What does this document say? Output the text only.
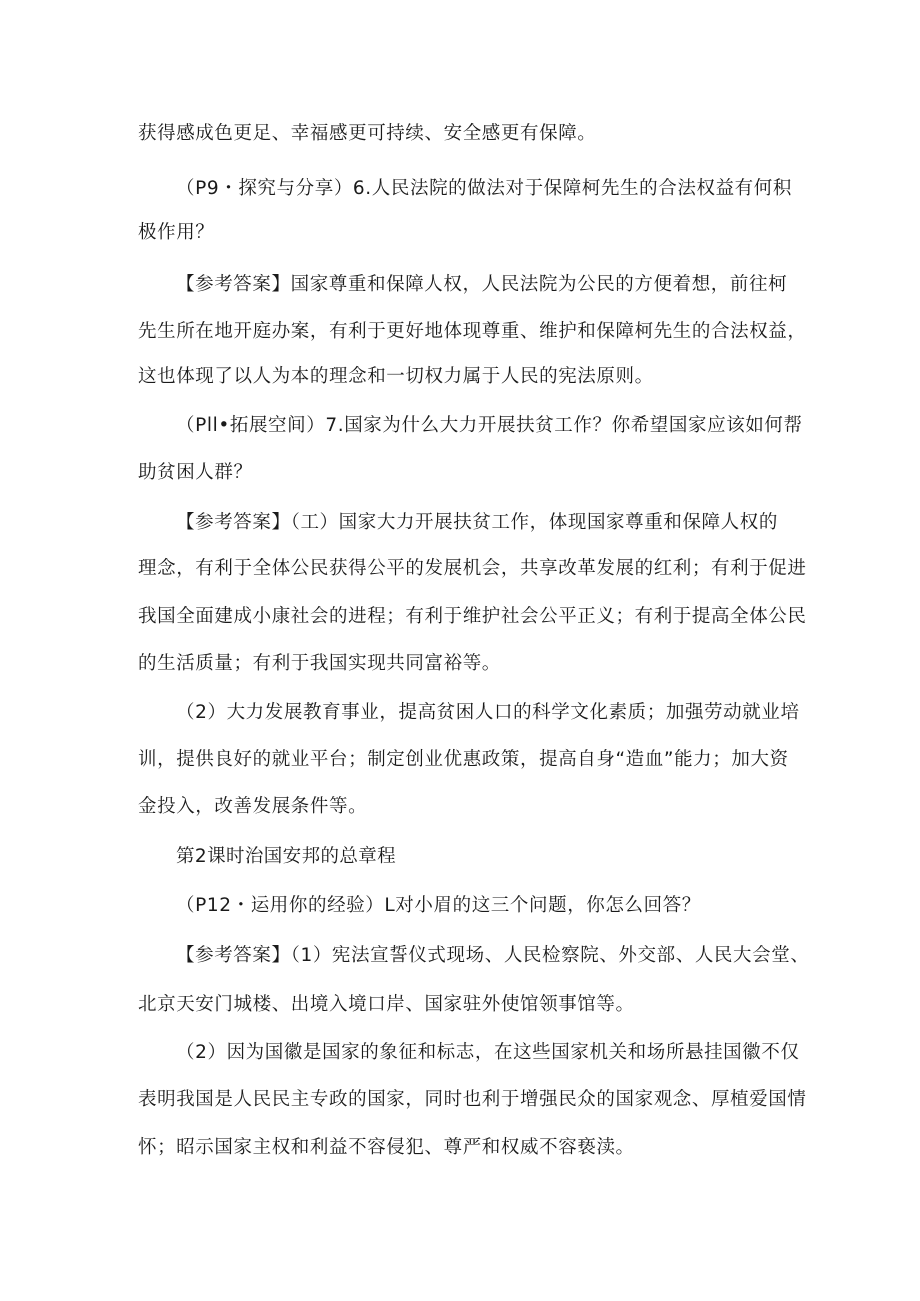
获得感成色更足、幸福感更可持续、安全感更有保障。
（P9・探究与分享）6.人民法院的做法对于保障柯先生的合法权益有何积
极作用？
【参考答案】国家尊重和保障人权，人民法院为公民的方便着想，前往柯
先生所在地开庭办案，有利于更好地体现尊重、维护和保障柯先生的合法权益，
这也体现了以人为本的理念和一切权力属于人民的宪法原则。
（Pll•拓展空间）7.国家为什么大力开展扶贫工作？你希望国家应该如何帮
助贫困人群？
【参考答案】（工）国家大力开展扶贫工作，体现国家尊重和保障人权的
理念，有利于全体公民获得公平的发展机会，共享改革发展的红利；有利于促进
我国全面建成小康社会的进程；有利于维护社会公平正义；有利于提高全体公民
的生活质量；有利于我国实现共同富裕等。
（2）大力发展教育事业，提高贫困人口的科学文化素质；加强劳动就业培
训，提供良好的就业平台；制定创业优惠政策，提高自身“造血”能力；加大资
金投入，改善发展条件等。
第2课时治国安邦的总章程
（P12・运用你的经验）L对小眉的这三个问题，你怎么回答？
【参考答案】（1）宪法宣誓仪式现场、人民检察院、外交部、人民大会堂、
北京天安门城楼、出境入境口岸、国家驻外使馆领事馆等。
（2）因为国徽是国家的象征和标志，在这些国家机关和场所悬挂国徽不仅
表明我国是人民民主专政的国家，同时也利于增强民众的国家观念、厚植爱国情
怀；昭示国家主权和利益不容侵犯、尊严和权威不容亵渎。
